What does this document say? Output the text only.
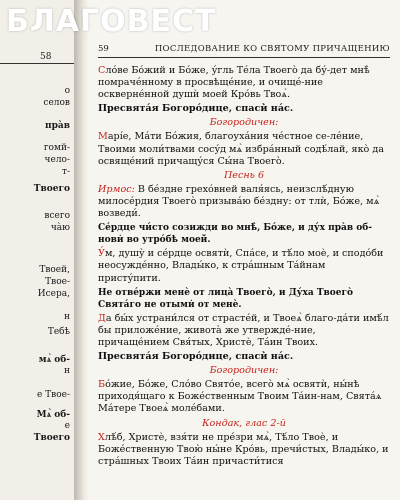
БЛАГОВЕСТ
58
о
селов
пра̀в
гомй-
чело-
т-
Твоего
всего
ча̀ю
Твоей,
Твое-
Исера,
н
Тебѣ
мѧ̀ об-
н
е Твое-
Мѧ̀ об-
е
Твоего
59	ПОСЛЕДОВАНИЕ КО СВЯТОМУ ПРИЧАЩЕНИЮ

Сло́ве Бо́жий и Бо́же, у́гль Те́ла Твоего̀ да бу́-дет мнѣ̀ помраче́нному в просвѣще́ние, и очище́-ние оскверне́нной душѝ моей Кро́вь Твоѧ̀.

Пресвята́я Богоро́дице, спаси̇̀ на́с.

Богородичен:

Марі́е, Ма́ти Бо́жия, благоуха́ния че́стное се-ле́ние, Твоими моли́твами сосу́д мѧ̀ избра́нный содѣ́лай, яко̀ да освяще́ний причащу́ся Сы́на Твоего̀.

Песнь 6

Ирмос: В бе́здне грехо́вней валя́ясь, неизслѣ́дную милосе́рдия Твоего̀ призыва́ю бе́здну: от тлѝ, Бо́же, мѧ̀ возведи́.

Се́рдце чи́сто созижди во мнѣ̀, Бо́же, и ду́х пра̀в об-нови̇ во утро́бѣ моей.

У́м, душу̀ и се́рдце освятѝ, Спа́се, и тѣ́ло моѐ, и сподо́би неосужде́нно, Влады́ко, к стра́шным Та́йнам присту́пити.

Не отве́ржи менѐ от лица̀ Твоего̀, и Ду́ха Твоего̀ Свята́го не отыми̇ от менѐ.

Да бы́х устрани́лся от страсте́й, и Твоеѧ̀ благо-да́ти имѣ́л бы приложе́ние, живота̀ же утвержде́-ние, причаще́нием Свя́тых, Христѐ, Та́ин Твоих.

Пресвята́я Богоро́дице, спаси̇̀ на́с.

Богородичен:

Бо́жие, Бо́же, Сло́во Свято́е, всего̀ мѧ̀ освятѝ, ны́нѣ приходя́щаго к Боже́ственным Твоим Та́ин-нам, Свята́ѧ Ма́тере Твоеѧ̀ моле́бами.

Кондак, глас 2-й

Хлѣ́б, Христѐ, взя́ти не пре́зри мѧ̀, Тѣ́ло Твоѐ, и Боже́ственную Твою̀ ны́не Кро́вь, пречи́стых, Влады́ко, и стра́шных Твоих Та́ин причасти́тися
